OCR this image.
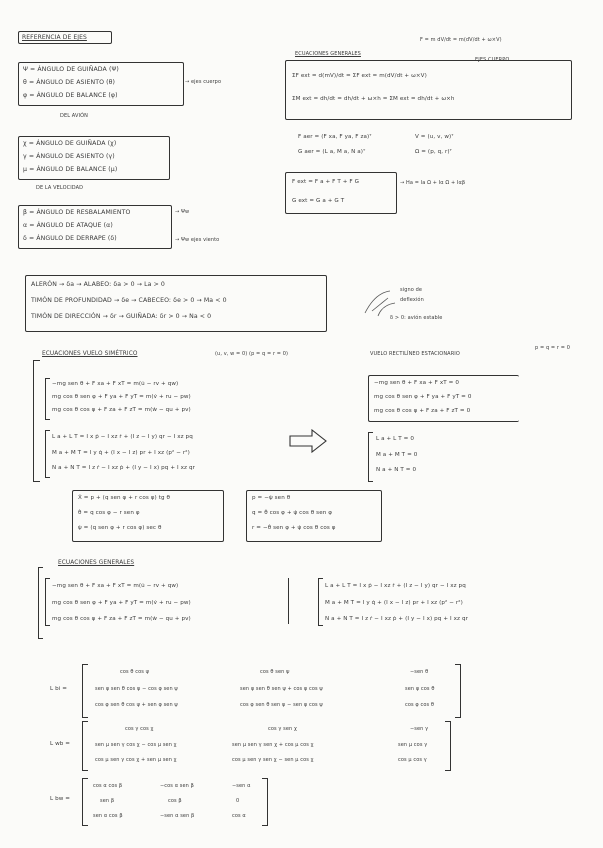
REFERENCIA DE EJES
Ψ = ÁNGULO DE GUIÑADA (Ψ)
θ = ÁNGULO DE ASIENTO (θ)
φ = ÁNGULO DE BALANCE (φ)
→ ejes cuerpo
DEL AVIÓN
χ = ÁNGULO DE GUIÑADA (χ)
γ = ÁNGULO DE ASIENTO (γ)
μ = ÁNGULO DE BALANCE (μ)
DE LA VELOCIDAD
β = ÁNGULO DE RESBALAMIENTO
α = ÁNGULO DE ATAQUE (α)
δ = ÁNGULO DE DERRAPE (δ)
→ Ψw
→ Ψw ejes viento
F = m dV/dt = m(dV/dt + ω×V)
ECUACIONES GENERALES
EJES CUERPO
ΣF ext = d(mV)/dt = ΣF ext = m(dV/dt + ω×V)
ΣM ext = dh/dt = dh/dt + ω×h = ΣM ext = dh/dt + ω×h
F aer = (F xa, F ya, F za)ᵀ
G aer = (L a, M a, N a)ᵀ
V = (u, v, w)ᵀ
Ω = (p, q, r)ᵀ
F ext = F a + F T + F G
G ext = G a + G T
→ Ha = Ia Ω + Iα Ω + Iαβ
ALERÓN → δa → ALABEO: δa > 0 → La > 0
TIMÓN DE PROFUNDIDAD → δe → CABECEO: δe > 0 → Ma < 0
TIMÓN DE DIRECCIÓN → δr → GUIÑADA: δr > 0 → Na < 0
signo de
deflexión
δ > 0: avión estable
ECUACIONES VUELO SIMÉTRICO	(u, v, w = 0) (p = q = r = 0)	VUELO RECTILÍNEO ESTACIONARIO
p = q = r = 0
−mg sen θ + F xa + F xT = m(u̇ − rv + qw)
mg cos θ sen φ + F ya + F yT = m(v̇ + ru − pw)
mg cos θ cos φ + F za + F zT = m(ẇ − qu + pv)
L a + L T = I x ṗ − I xz ṙ + (I z − I y) qr − I xz pq
M a + M T = I y q̇ + (I x − I z) pr + I xz (p² − r²)
N a + N T = I z ṙ − I xz ṗ + (I y − I x) pq + I xz qr
−mg sen θ + F xa + F xT = 0
mg cos θ sen φ + F ya + F yT = 0
mg cos θ cos φ + F za + F zT = 0
L a + L T = 0
M a + M T = 0
N a + N T = 0
Ẋ = p + (q sen φ + r cos φ) tg θ
θ̇ = q cos φ − r sen φ
ψ̇ = (q sen φ + r cos φ) sec θ
p = −ψ̇ sen θ
q = θ̇ cos φ + ψ̇ cos θ sen φ
r = −θ̇ sen φ + ψ̇ cos θ cos φ
ECUACIONES GENERALES
−mg sen θ + F xa + F xT = m(u̇ − rv + qw)
mg cos θ sen φ + F ya + F yT = m(v̇ + ru − pw)
mg cos θ cos φ + F za + F zT = m(ẇ − qu + pv)
L a + L T = I x ṗ − I xz ṙ + (I z − I y) qr − I xz pq
M a + M T = I y q̇ + (I x − I z) pr + I xz (p² − r²)
N a + N T = I z ṙ − I xz ṗ + (I y − I x) pq + I xz qr
L bi =
cos θ cos ψ	cos θ sen ψ	−sen θ
sen φ sen θ cos ψ − cos φ sen ψ	sen φ sen θ sen ψ + cos φ cos ψ	sen φ cos θ
cos φ sen θ cos ψ + sen φ sen ψ	cos φ sen θ sen ψ − sen φ cos ψ	cos φ cos θ
L wb =
cos γ cos χ	cos γ sen χ	−sen γ
sen μ sen γ cos χ − cos μ sen χ	sen μ sen γ sen χ + cos μ cos χ	sen μ cos γ
cos μ sen γ cos χ + sen μ sen χ	cos μ sen γ sen χ − sen μ cos χ	cos μ cos γ
L bw =
cos α cos β	−cos α sen β	−sen α
sen β	cos β	0
sen α cos β	−sen α sen β	cos α
